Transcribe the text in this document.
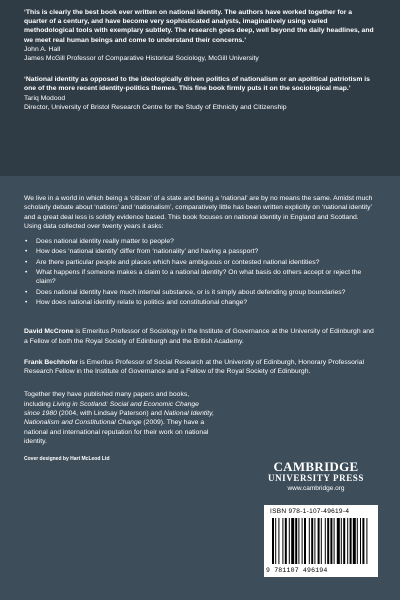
‘This is clearly the best book ever written on national identity. The authors have worked together for a quarter of a century, and have become very sophisticated analysts, imaginatively using varied methodological tools with exemplary subtlety. The research goes deep, well beyond the daily headlines, and we meet real human beings and come to understand their concerns.’

John A. Hall

James McGill Professor of Comparative Historical Sociology, McGill University

‘National identity as opposed to the ideologically driven politics of nationalism or an apolitical patriotism is one of the more recent identity-politics themes. This fine book firmly puts it on the sociological map.’

Tariq Modood

Director, University of Bristol Research Centre for the Study of Ethnicity and Citizenship

We live in a world in which being a ‘citizen’ of a state and being a ‘national’ are by no means the same. Amidst much scholarly debate about ‘nations’ and ‘nationalism’, comparatively little has been written explicitly on ‘national identity’ and a great deal less is solidly evidence based. This book focuses on national identity in England and Scotland. Using data collected over twenty years it asks:

• Does national identity really matter to people?
• How does ‘national identity’ differ from ‘nationality’ and having a passport?
• Are there particular people and places which have ambiguous or contested national identities?
• What happens if someone makes a claim to a national identity? On what basis do others accept or reject the claim?
• Does national identity have much internal substance, or is it simply about defending group boundaries?
• How does national identity relate to politics and constitutional change?

David McCrone is Emeritus Professor of Sociology in the Institute of Governance at the University of Edinburgh and a Fellow of both the Royal Society of Edinburgh and the British Academy.

Frank Bechhofer is Emeritus Professor of Social Research at the University of Edinburgh, Honorary Professorial Research Fellow in the Institute of Governance and a Fellow of the Royal Society of Edinburgh.

Together they have published many papers and books, including Living in Scotland: Social and Economic Change since 1980 (2004, with Lindsay Paterson) and National Identity, Nationalism and Constitutional Change (2009). They have a national and international reputation for their work on national identity.
Cover designed by Hart McLeod Ltd	CAMBRIDGE
UNIVERSITY PRESS
www.cambridge.org
ISBN 978-1-107-49619-4
9 781107 496194
